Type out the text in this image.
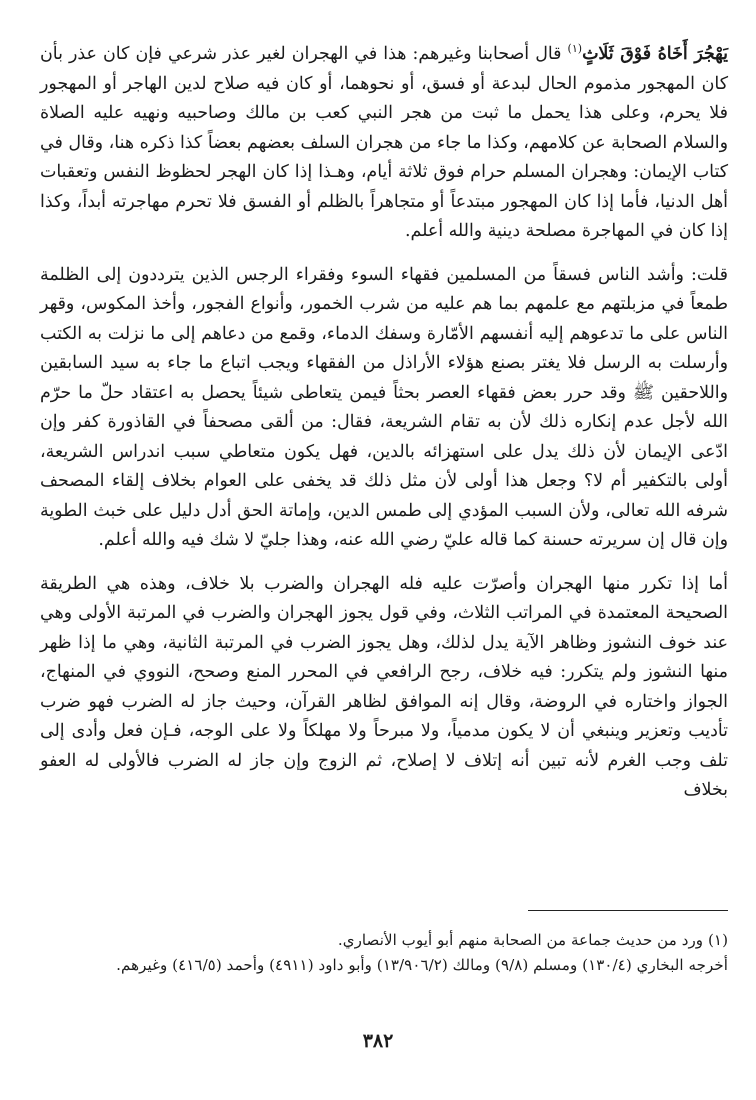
يَهْجُرَ أَخَاهُ فَوْقَ ثَلَاثٍ$^{(١)}$ قال أصحابنا وغيرهم: هذا في الهجران لغير عذر شرعي فإن كان عذر بأن كان المهجور مذموم الحال لبدعة أو فسق، أو نحوهما، أو كان فيه صلاح لدين الهاجر أو المهجور فلا يحرم، وعلى هذا يحمل ما ثبت من هجر النبي كعب بن مالك وصاحبيه ونهيه عليه الصلاة والسلام الصحابة عن كلامهم، وكذا ما جاء من هجران السلف بعضهم بعضاً كذا ذكره هنا، وقال في كتاب الإيمان: وهجران المسلم حرام فوق ثلاثة أيام، وهـذا إذا كان الهجر لحظوظ النفس وتعقبات أهل الدنيا، فأما إذا كان المهجور مبتدعاً أو متجاهراً بالظلم أو الفسق فلا تحرم مهاجرته أبداً، وكذا إذا كان في المهاجرة مصلحة دينية والله أعلم.

قلت: وأشد الناس فسقاً من المسلمين فقهاء السوء وفقراء الرجس الذين يترددون إلى الظلمة طمعاً في مزبلتهم مع علمهم بما هم عليه من شرب الخمور، وأنواع الفجور، وأخذ المكوس، وقهر الناس على ما تدعوهم إليه أنفسهم الأمّارة وسفك الدماء، وقمع من دعاهم إلى ما نزلت به الكتب وأرسلت به الرسل فلا يغتر بصنع هؤلاء الأراذل من الفقهاء ويجب اتباع ما جاء به سيد السابقين واللاحقين ﷺ وقد حرر بعض فقهاء العصر بحثاً فيمن يتعاطى شيئاً يحصل به اعتقاد حلّ ما حرّم الله لأجل عدم إنكاره ذلك لأن به تقام الشريعة، فقال: من ألقى مصحفاً في القاذورة كفر وإن ادّعى الإيمان لأن ذلك يدل على استهزائه بالدين، فهل يكون متعاطي سبب اندراس الشريعة، أولى بالتكفير أم لا؟ وجعل هذا أولى لأن مثل ذلك قد يخفى على العوام بخلاف إلقاء المصحف شرفه الله تعالى، ولأن السبب المؤدي إلى طمس الدين، وإماتة الحق أدل دليل على خبث الطوية وإن قال إن سريرته حسنة كما قاله عليّ رضي الله عنه، وهذا جليّ لا شك فيه والله أعلم.

أما إذا تكرر منها الهجران وأصرّت عليه فله الهجران والضرب بلا خلاف، وهذه هي الطريقة الصحيحة المعتمدة في المراتب الثلاث، وفي قول يجوز الهجران والضرب في المرتبة الأولى وهي عند خوف النشوز وظاهر الآية يدل لذلك، وهل يجوز الضرب في المرتبة الثانية، وهي ما إذا ظهر منها النشوز ولم يتكرر: فيه خلاف، رجح الرافعي في المحرر المنع وصحح، النووي في المنهاج، الجواز واختاره في الروضة، وقال إنه الموافق لظاهر القرآن، وحيث جاز له الضرب فهو ضرب تأديب وتعزير وينبغي أن لا يكون مدمياً، ولا مبرحاً ولا مهلكاً ولا على الوجه، فـإن فعل وأدى إلى تلف وجب الغرم لأنه تبين أنه إتلاف لا إصلاح، ثم الزوج وإن جاز له الضرب فالأولى له العفو بخلاف

(١) ورد من حديث جماعة من الصحابة منهم أبو أيوب الأنصاري.

أخرجه البخاري (١٣٠/٤) ومسلم (٩/٨) ومالك (١٣/٩٠٦/٢) وأبو داود (٤٩١١) وأحمد (٤١٦/٥) وغيرهم.

٣٨٢
